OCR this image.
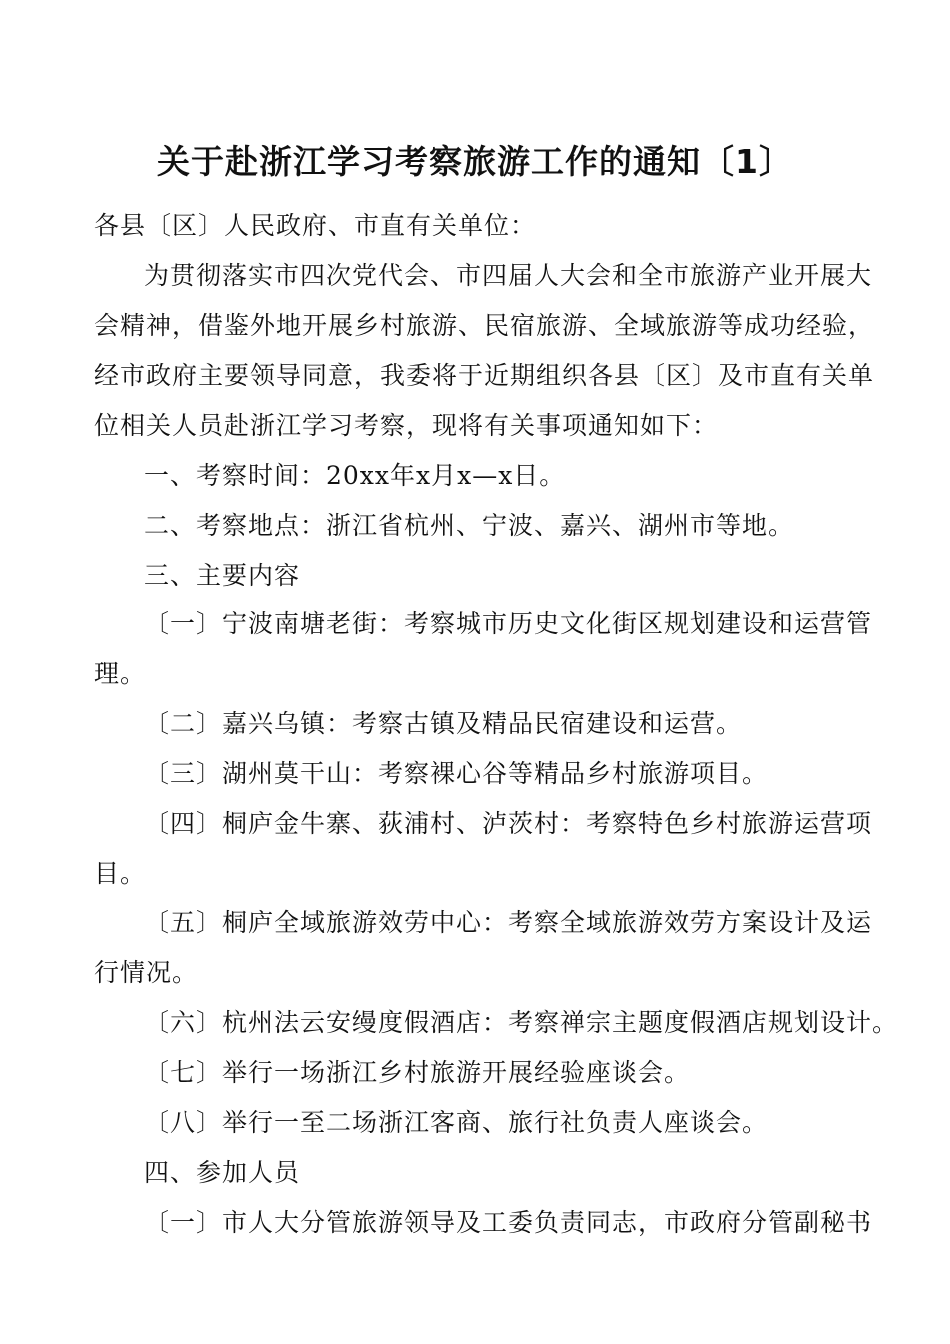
关于赴浙江学习考察旅游工作的通知〔1〕
各县〔区〕人民政府、市直有关单位：
为贯彻落实市四次党代会、市四届人大会和全市旅游产业开展大
会精神，借鉴外地开展乡村旅游、民宿旅游、全域旅游等成功经验，
经市政府主要领导同意，我委将于近期组织各县〔区〕及市直有关单
位相关人员赴浙江学习考察，现将有关事项通知如下：
一、考察时间：20xx年x月x—x日。
二、考察地点：浙江省杭州、宁波、嘉兴、湖州市等地。
三、主要内容
〔一〕宁波南塘老街：考察城市历史文化街区规划建设和运营管
理。
〔二〕嘉兴乌镇：考察古镇及精品民宿建设和运营。
〔三〕湖州莫干山：考察裸心谷等精品乡村旅游项目。
〔四〕桐庐金牛寨、荻浦村、泸茨村：考察特色乡村旅游运营项
目。
〔五〕桐庐全域旅游效劳中心：考察全域旅游效劳方案设计及运
行情况。
〔六〕杭州法云安缦度假酒店：考察禅宗主题度假酒店规划设计。
〔七〕举行一场浙江乡村旅游开展经验座谈会。
〔八〕举行一至二场浙江客商、旅行社负责人座谈会。
四、参加人员
〔一〕市人大分管旅游领导及工委负责同志，市政府分管副秘书
